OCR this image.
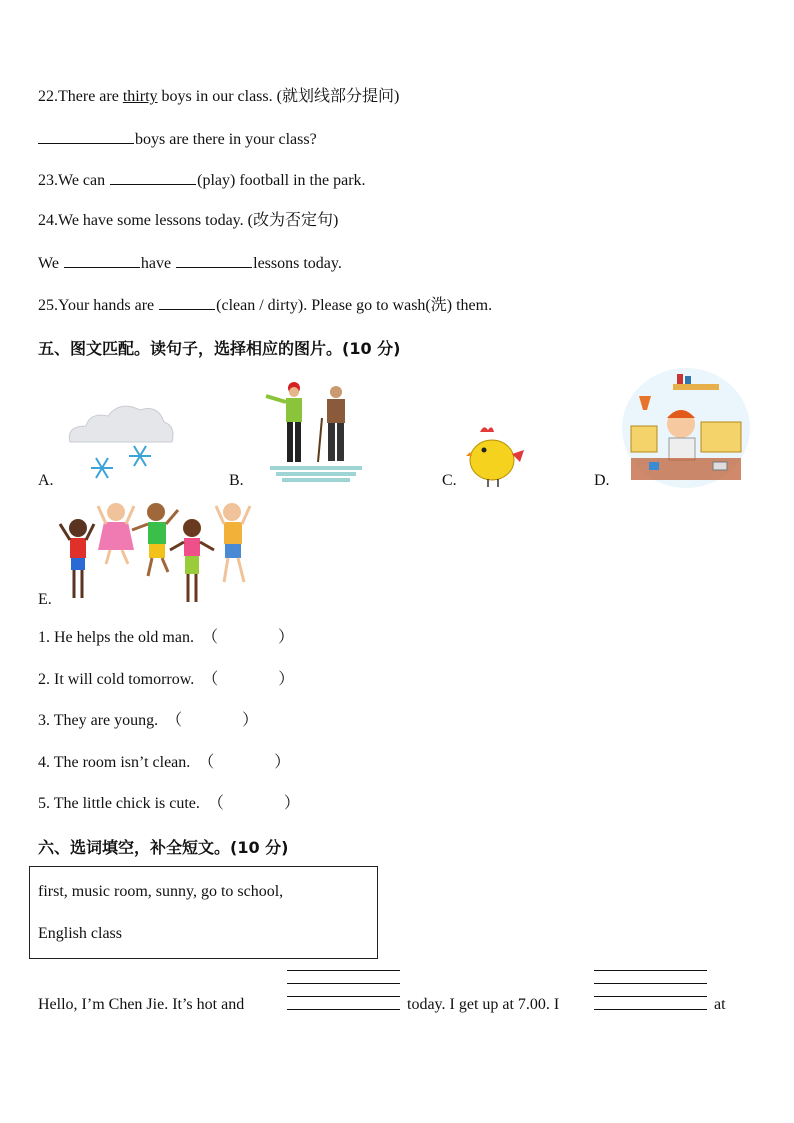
22.There are thirty boys in our class. (就划线部分提问)
boys are there in your class?
23.We can	(play) football in the park.
24.We have some lessons today. (改为否定句)
We	have	lessons today.
25.Your hands are	(clean / dirty). Please go to wash(洗) them.
五、图文匹配。读句子，选择相应的图片。(10 分)
A.	B.	C.	D.
E.
1. He helps the old man. （	）
2. It will cold tomorrow. （	）
3. They are young. （	）
4. The room isn’t clean. （	）
5. The little chick is cute. （	）
六、选词填空，补全短文。(10 分)
first, music room, sunny, go to school,
English class
Hello, I’m Chen Jie. It’s hot and	today. I get up at 7.00. I	at
